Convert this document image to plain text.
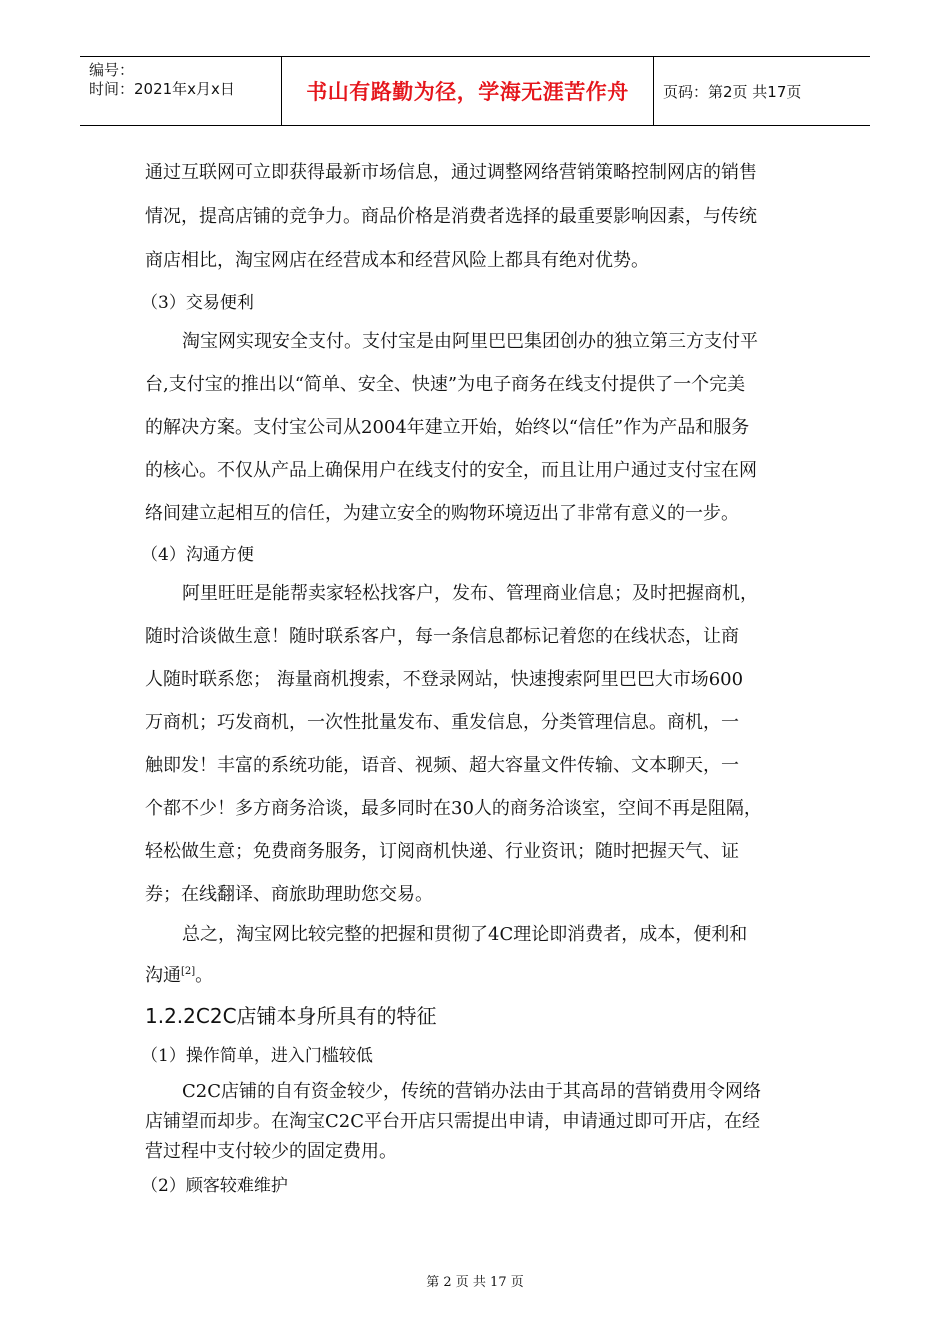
编号：
时间：2021年x月x日	书山有路勤为径，学海无涯苦作舟	页码：第2页 共17页
通过互联网可立即获得最新市场信息，通过调整网络营销策略控制网店的销售
情况，提高店铺的竞争力。商品价格是消费者选择的最重要影响因素，与传统
商店相比，淘宝网店在经营成本和经营风险上都具有绝对优势。
（3）交易便利
淘宝网实现安全支付。支付宝是由阿里巴巴集团创办的独立第三方支付平
台,支付宝的推出以“简单、安全、快速”为电子商务在线支付提供了一个完美
的解决方案。支付宝公司从2004年建立开始，始终以“信任”作为产品和服务
的核心。不仅从产品上确保用户在线支付的安全，而且让用户通过支付宝在网
络间建立起相互的信任，为建立安全的购物环境迈出了非常有意义的一步。
（4）沟通方便
阿里旺旺是能帮卖家轻松找客户，发布、管理商业信息；及时把握商机，
随时洽谈做生意！随时联系客户，每一条信息都标记着您的在线状态，让商
人随时联系您； 海量商机搜索，不登录网站，快速搜索阿里巴巴大市场600
万商机；巧发商机，一次性批量发布、重发信息，分类管理信息。商机，一
触即发！丰富的系统功能，语音、视频、超大容量文件传输、文本聊天，一
个都不少！多方商务洽谈，最多同时在30人的商务洽谈室，空间不再是阻隔，
轻松做生意；免费商务服务，订阅商机快递、行业资讯；随时把握天气、证
券；在线翻译、商旅助理助您交易。
总之，淘宝网比较完整的把握和贯彻了4C理论即消费者，成本，便利和
沟通[2]。
1.2.2C2C店铺本身所具有的特征
（1）操作简单，进入门槛较低
C2C店铺的自有资金较少，传统的营销办法由于其高昂的营销费用令网络
店铺望而却步。在淘宝C2C平台开店只需提出申请，申请通过即可开店，在经
营过程中支付较少的固定费用。
（2）顾客较难维护
第 2 页 共 17 页
